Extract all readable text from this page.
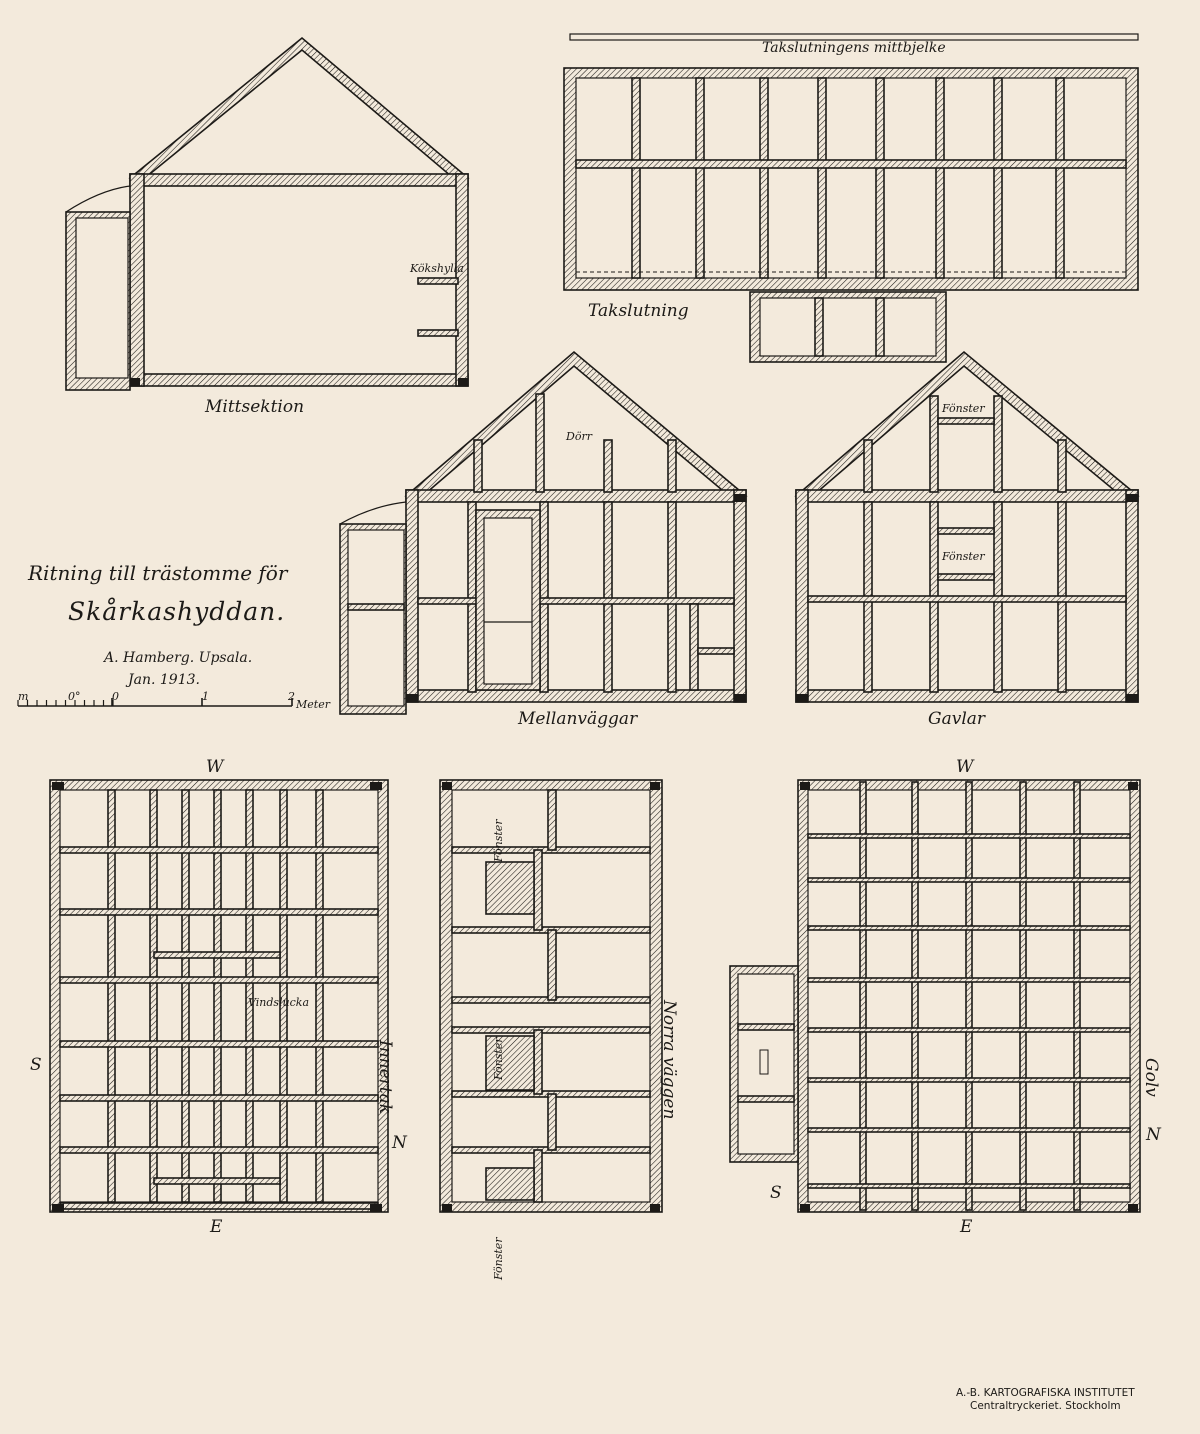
Kökshylla
Mittsektion
Takslutningens mittbjelke
Takslutning
Ritning till trästomme för
Skårkashyddan.
A. Hamberg. Upsala.
Jan. 1913.
m	0°	0	1	2
Meter
Dörr
Mellanväggar
Fönster
Fönster
Gavlar
Vindslucka
W
E
S
N
Innertak
Fönster
Fönster
Fönster
Norra väggen
W
E
S
N
Golv
A.-B. KARTOGRAFISKA INSTITUTET
Centraltryckeriet. Stockholm
